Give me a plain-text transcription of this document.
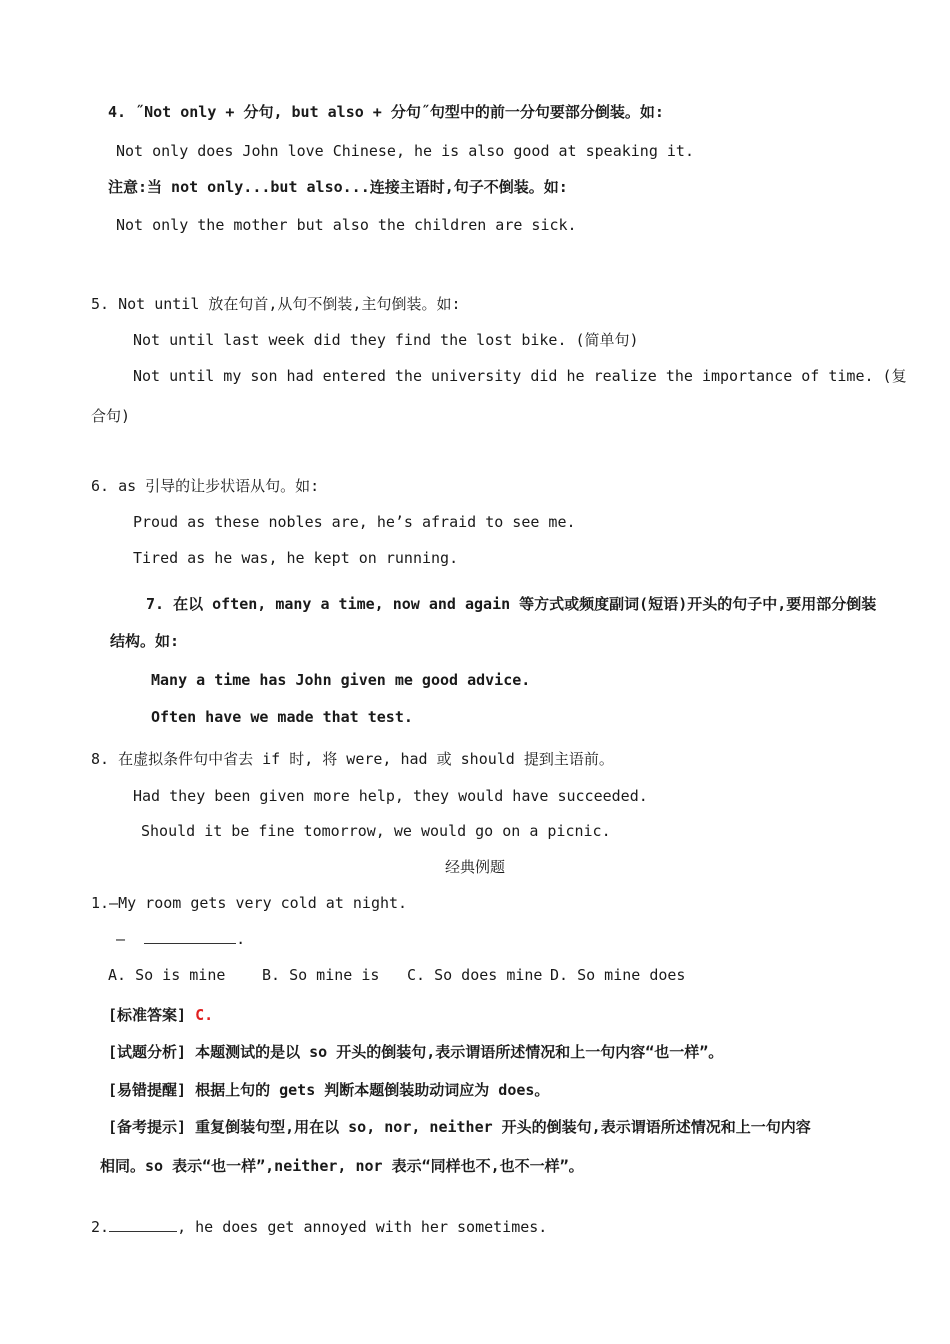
4. ˝Not only + 分句, but also + 分句˝句型中的前一分句要部分倒装。如:
Not only does John love Chinese, he is also good at speaking it.
注意:当 not only...but also...连接主语时,句子不倒装。如:
Not only the mother but also the children are sick.
5. Not until 放在句首,从句不倒装,主句倒装。如:
Not until last week did they find the lost bike. (简单句)
Not until my son had entered the university did he realize the importance of time. (复
合句)
6. as 引导的让步状语从句。如:
Proud as these nobles are, he’s afraid to see me.
Tired as he was, he kept on running.
7. 在以 often, many a time, now and again 等方式或频度副词(短语)开头的句子中,要用部分倒装
结构。如:
Many a time has John given me good advice.
Often have we made that test.
8. 在虚拟条件句中省去 if 时, 将 were, had 或 should 提到主语前。
Had they been given more help, they would have succeeded.
Should it be fine tomorrow, we would go on a picnic.
经典例题
1.—My room gets very cold at night.
—	.
A. So is mine B. So mine is C. So does mine D. So mine does
[标准答案] C.
[试题分析] 本题测试的是以 so 开头的倒装句,表示谓语所述情况和上一句内容“也一样”。
[易错提醒] 根据上句的 gets 判断本题倒装助动词应为 does。
[备考提示] 重复倒装句型,用在以 so, nor, neither 开头的倒装句,表示谓语所述情况和上一句内容
相同。so 表示“也一样”,neither, nor 表示“同样也不,也不一样”。
2.	, he does get annoyed with her sometimes.
